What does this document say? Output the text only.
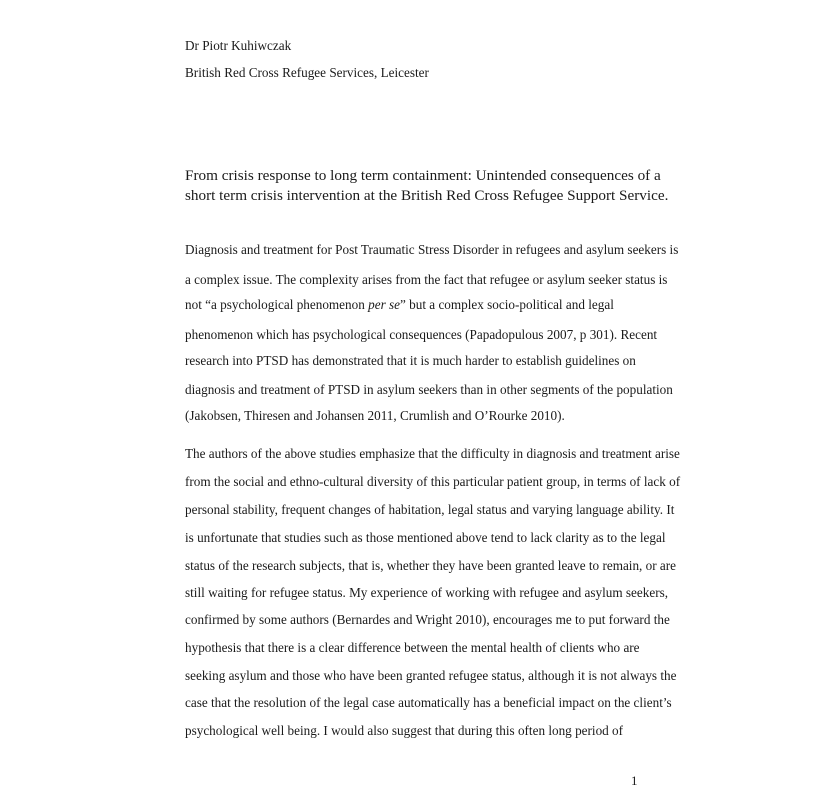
Dr Piotr Kuhiwczak
British Red Cross Refugee Services, Leicester
From crisis response to long term containment: Unintended consequences of a
short term crisis intervention at the British Red Cross Refugee Support Service.
Diagnosis and treatment for Post Traumatic Stress Disorder in refugees and asylum seekers is
a complex issue. The complexity arises from the fact that refugee or asylum seeker status is
not “a psychological phenomenon per se” but a complex socio-political and legal
phenomenon which has psychological consequences (Papadopulous 2007, p 301). Recent
research into PTSD has demonstrated that it is much harder to establish guidelines on
diagnosis and treatment of PTSD in asylum seekers than in other segments of the population
(Jakobsen, Thiresen and Johansen 2011, Crumlish and O’Rourke 2010).
The authors of the above studies emphasize that the difficulty in diagnosis and treatment arise
from the social and ethno-cultural diversity of this particular patient group, in terms of lack of
personal stability, frequent changes of habitation, legal status and varying language ability. It
is unfortunate that studies such as those mentioned above tend to lack clarity as to the legal
status of the research subjects, that is, whether they have been granted leave to remain, or are
still waiting for refugee status. My experience of working with refugee and asylum seekers,
confirmed by some authors (Bernardes and Wright 2010), encourages me to put forward the
hypothesis that there is a clear difference between the mental health of clients who are
seeking asylum and those who have been granted refugee status, although it is not always the
case that the resolution of the legal case automatically has a beneficial impact on the client’s
psychological well being. I would also suggest that during this often long period of
1
